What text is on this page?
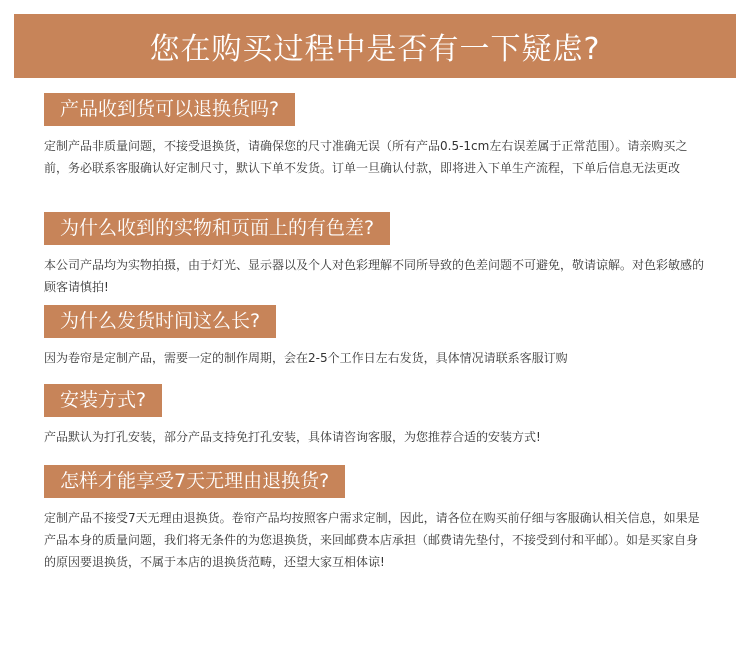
您在购买过程中是否有一下疑虑?
产品收到货可以退换货吗?
定制产品非质量问题，不接受退换货，请确保您的尺寸准确无误（所有产品0.5-1cm左右误差属于正常范围）。请亲购买之前，务必联系客服确认好定制尺寸，默认下单不发货。订单一旦确认付款，即将进入下单生产流程，下单后信息无法更改
为什么收到的实物和页面上的有色差?
本公司产品均为实物拍摄，由于灯光、显示器以及个人对色彩理解不同所导致的色差问题不可避免，敬请谅解。对色彩敏感的顾客请慎拍!
为什么发货时间这么长?
因为卷帘是定制产品，需要一定的制作周期，会在2-5个工作日左右发货，具体情况请联系客服订购
安装方式?
产品默认为打孔安装，部分产品支持免打孔安装，具体请咨询客服，为您推荐合适的安装方式!
怎样才能享受7天无理由退换货?
定制产品不接受7天无理由退换货。卷帘产品均按照客户需求定制，因此，请各位在购买前仔细与客服确认相关信息，如果是产品本身的质量问题，我们将无条件的为您退换货，来回邮费本店承担（邮费请先垫付，不接受到付和平邮）。如是买家自身的原因要退换货，不属于本店的退换货范畴，还望大家互相体谅!
